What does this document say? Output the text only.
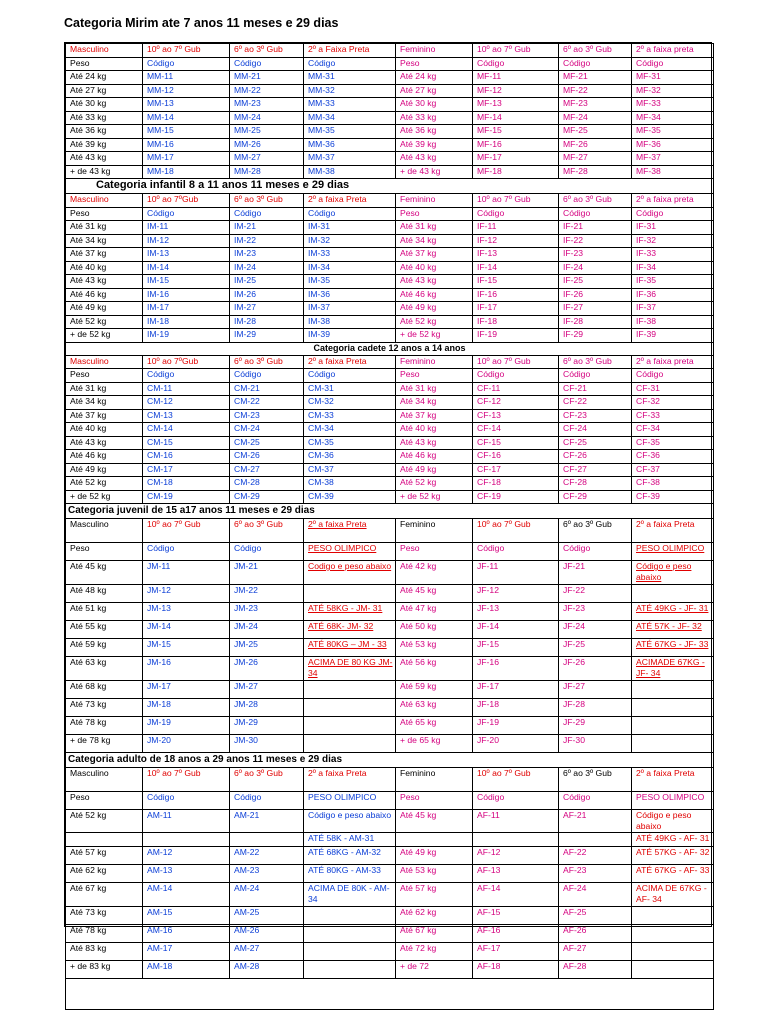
Categoria Mirim ate 7 anos 11 meses e 29 dias
Masculino	10º ao 7º Gub	6º ao 3º Gub	2º a Faixa Preta	Feminino	10º ao 7º Gub	6º ao 3º Gub	2º a faixa preta
Peso	Código	Código	Código	Peso	Código	Código	Código
Até 24 kg	MM-11	MM-21	MM-31	Até 24 kg	MF-11	MF-21	MF-31
Até 27 kg	MM-12	MM-22	MM-32	Até 27 kg	MF-12	MF-22	MF-32
Até 30 kg	MM-13	MM-23	MM-33	Até 30 kg	MF-13	MF-23	MF-33
Até 33 kg	MM-14	MM-24	MM-34	Até 33 kg	MF-14	MF-24	MF-34
Até 36 kg	MM-15	MM-25	MM-35	Até 36 kg	MF-15	MF-25	MF-35
Até 39 kg	MM-16	MM-26	MM-36	Até 39 kg	MF-16	MF-26	MF-36
Até 43 kg	MM-17	MM-27	MM-37	Até 43 kg	MF-17	MF-27	MF-37
+ de 43 kg	MM-18	MM-28	MM-38	+ de 43 kg	MF-18	MF-28	MF-38
Categoria infantil 8 a 11 anos 11 meses e 29 dias							
Masculino	10º ao 7ºGub	6º ao 3º Gub	2º a faixa Preta	Feminino	10º ao 7º Gub	6º ao 3º Gub	2º a faixa preta
Peso	Código	Código	Código	Peso	Código	Código	Código
Até 31 kg	IM-11	IM-21	IM-31	Até 31 kg	IF-11	IF-21	IF-31
Até 34 kg	IM-12	IM-22	IM-32	Até 34 kg	IF-12	IF-22	IF-32
Até 37 kg	IM-13	IM-23	IM-33	Até 37 kg	IF-13	IF-23	IF-33
Até 40 kg	IM-14	IM-24	IM-34	Até 40 kg	IF-14	IF-24	IF-34
Até 43 kg	IM-15	IM-25	IM-35	Até 43 kg	IF-15	IF-25	IF-35
Até 46 kg	IM-16	IM-26	IM-36	Até 46 kg	IF-16	IF-26	IF-36
Até 49 kg	IM-17	IM-27	IM-37	Até 49 kg	IF-17	IF-27	IF-37
Até 52 kg	IM-18	IM-28	IM-38	Até 52 kg	IF-18	IF-28	IF-38
+ de 52 kg	IM-19	IM-29	IM-39	+ de 52 kg	IF-19	IF-29	IF-39
Categoria cadete 12 anos a 14 anos							
Masculino	10º ao 7ºGub	6º ao 3º Gub	2º a faixa Preta	Feminino	10º ao 7º Gub	6º ao 3º Gub	2º a faixa preta
Peso	Código	Código	Código	Peso	Código	Código	Código
Até 31 kg	CM-11	CM-21	CM-31	Até 31 kg	CF-11	CF-21	CF-31
Até 34 kg	CM-12	CM-22	CM-32	Até 34 kg	CF-12	CF-22	CF-32
Até 37 kg	CM-13	CM-23	CM-33	Até 37 kg	CF-13	CF-23	CF-33
Até 40 kg	CM-14	CM-24	CM-34	Até 40 kg	CF-14	CF-24	CF-34
Até 43 kg	CM-15	CM-25	CM-35	Até 43 kg	CF-15	CF-25	CF-35
Até 46 kg	CM-16	CM-26	CM-36	Até 46 kg	CF-16	CF-26	CF-36
Até 49 kg	CM-17	CM-27	CM-37	Até 49 kg	CF-17	CF-27	CF-37
Até 52 kg	CM-18	CM-28	CM-38	Até 52 kg	CF-18	CF-28	CF-38
+ de 52 kg	CM-19	CM-29	CM-39	+ de 52 kg	CF-19	CF-29	CF-39
Categoria juvenil de 15 a17 anos 11 meses e 29 dias							
Masculino	10º ao 7º Gub	6º ao 3º Gub	2º a faixa Preta	Feminino	10º ao 7º Gub	6º ao 3º Gub	2º a faixa Preta
Peso	Código	Código	PESO OLIMPICO	Peso	Código	Código	PESO OLIMPICO
Até 45 kg	JM-11	JM-21	Codigo e peso abaixo	Até 42 kg	JF-11	JF-21	Código e peso abaixo
Até 48 kg	JM-12	JM-22		Até 45 kg	JF-12	JF-22	
Até 51 kg	JM-13	JM-23	ATÉ 58KG - JM- 31	Até 47 kg	JF-13	JF-23	ATÉ 49KG - JF- 31
Até 55 kg	JM-14	JM-24	ATÉ 68K- JM- 32	Até 50 kg	JF-14	JF-24	ATÉ 57K - JF- 32
Até 59 kg	JM-15	JM-25	ATÉ 80KG – JM - 33	Até 53 kg	JF-15	JF-25	ATÉ 67KG - JF- 33
Até 63 kg	JM-16	JM-26	ACIMA DE 80 KG JM- 34	Até 56 kg	JF-16	JF-26	ACIMADE 67KG - JF- 34
Até 68 kg	JM-17	JM-27		Até 59 kg	JF-17	JF-27	
Até 73 kg	JM-18	JM-28		Até 63 kg	JF-18	JF-28	
Até 78 kg	JM-19	JM-29		Até 65 kg	JF-19	JF-29	
+ de 78 kg	JM-20	JM-30		+ de 65 kg	JF-20	JF-30	
Categoria adulto de 18 anos a 29 anos 11 meses e 29 dias							
Masculino	10º ao 7º Gub	6º ao 3º Gub	2º a faixa Preta	Feminino	10º ao 7º Gub	6º ao 3º Gub	2º a faixa Preta
Peso	Código	Código	PESO OLIMPICO	Peso	Código	Código	PESO OLIMPICO
Até 52 kg	AM-11	AM-21	Código e peso abaixo	Até 45 kg	AF-11	AF-21	Código e peso abaixo
			ATÉ 58K - AM-31				ATÉ 49KG - AF- 31
Até 57 kg	AM-12	AM-22	ATÉ 68KG - AM-32	Até 49 kg	AF-12	AF-22	ATÉ 57KG - AF- 32
Até 62 kg	AM-13	AM-23	ATÉ 80KG - AM-33	Até 53 kg	AF-13	AF-23	ATÉ 67KG - AF- 33
Até 67 kg	AM-14	AM-24	ACIMA DE 80K - AM- 34	Até 57 kg	AF-14	AF-24	ACIMA DE 67KG - AF- 34
Até 73 kg	AM-15	AM-25		Até 62 kg	AF-15	AF-25	
Até 78 kg	AM-16	AM-26		Até 67 kg	AF-16	AF-26	
Até 83 kg	AM-17	AM-27		Até 72 kg	AF-17	AF-27	
+ de 83 kg	AM-18	AM-28		+ de 72	AF-18	AF-28	
